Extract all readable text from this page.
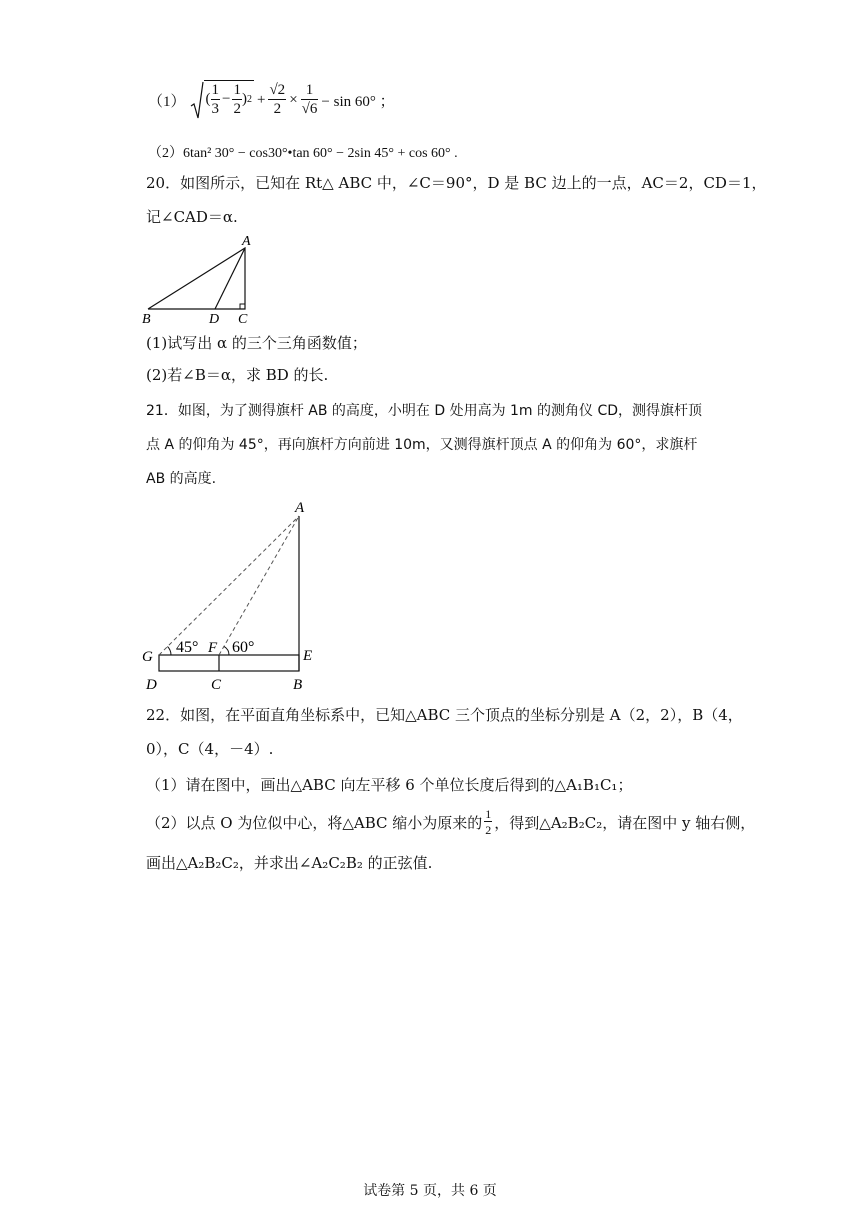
（1） ( $\frac{1}{3} - \frac{1}{2}$ ) $2 + \frac{√2}{2} \times \frac{1}{√6} - \sin 60^\circ$ ；
（2）6tan² 30° − cos30°•tan 60° − 2sin 45° + cos 60° .
20．如图所示，已知在 Rt△ ABC 中，∠C＝90°，D 是 BC 边上的一点，AC＝2，CD＝1，
记∠CAD＝α.
A
B	D C
(1)试写出 α 的三个三角函数值；
(2)若∠B＝α，求 BD 的长.
21．如图，为了测得旗杆 AB 的高度，小明在 D 处用高为 1m 的测角仪 CD，测得旗杆顶
点 A 的仰角为 45°，再向旗杆方向前进 10m，又测得旗杆顶点 A 的仰角为 60°，求旗杆
AB 的高度.
45° 60°
A
G
F	E
D	C	B
22．如图，在平面直角坐标系中，已知△ABC 三个顶点的坐标分别是 A（2，2），B（4，
0），C（4，－4）.
（1）请在图中，画出△ABC 向左平移 6 个单位长度后得到的△A₁B₁C₁；
（2）以点 O 为位似中心，将△ABC 缩小为原来的 $\frac{1}{2}$ ，得到△A₂B₂C₂，请在图中 y 轴右侧，
画出△A₂B₂C₂，并求出∠A₂C₂B₂ 的正弦值.
试卷第 5 页，共 6 页
